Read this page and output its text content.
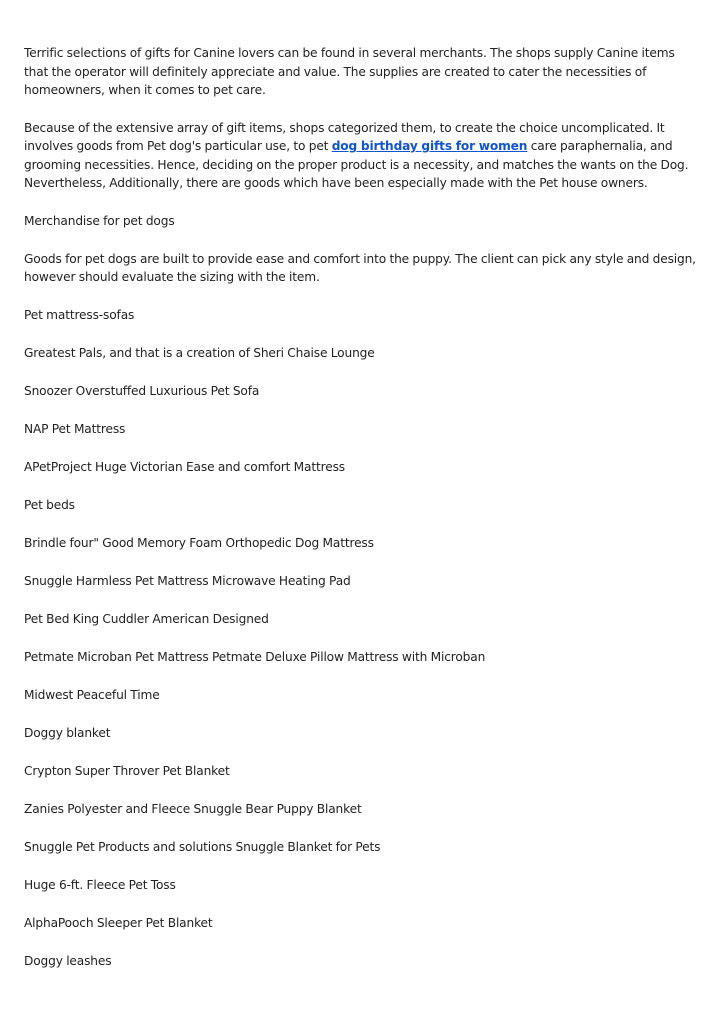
Terrific selections of gifts for Canine lovers can be found in several merchants. The shops supply Canine items that the operator will definitely appreciate and value. The supplies are created to cater the necessities of homeowners, when it comes to pet care.

Because of the extensive array of gift items, shops categorized them, to create the choice uncomplicated. It involves goods from Pet dog's particular use, to pet dog birthday gifts for women care paraphernalia, and grooming necessities. Hence, deciding on the proper product is a necessity, and matches the wants on the Dog. Nevertheless, Additionally, there are goods which have been especially made with the Pet house owners.

Merchandise for pet dogs

Goods for pet dogs are built to provide ease and comfort into the puppy. The client can pick any style and design, however should evaluate the sizing with the item.

Pet mattress-sofas

Greatest Pals, and that is a creation of Sheri Chaise Lounge

Snoozer Overstuffed Luxurious Pet Sofa

NAP Pet Mattress

APetProject Huge Victorian Ease and comfort Mattress

Pet beds

Brindle four" Good Memory Foam Orthopedic Dog Mattress

Snuggle Harmless Pet Mattress Microwave Heating Pad

Pet Bed King Cuddler American Designed

Petmate Microban Pet Mattress Petmate Deluxe Pillow Mattress with Microban

Midwest Peaceful Time

Doggy blanket

Crypton Super Throver Pet Blanket

Zanies Polyester and Fleece Snuggle Bear Puppy Blanket

Snuggle Pet Products and solutions Snuggle Blanket for Pets

Huge 6-ft. Fleece Pet Toss

AlphaPooch Sleeper Pet Blanket

Doggy leashes
